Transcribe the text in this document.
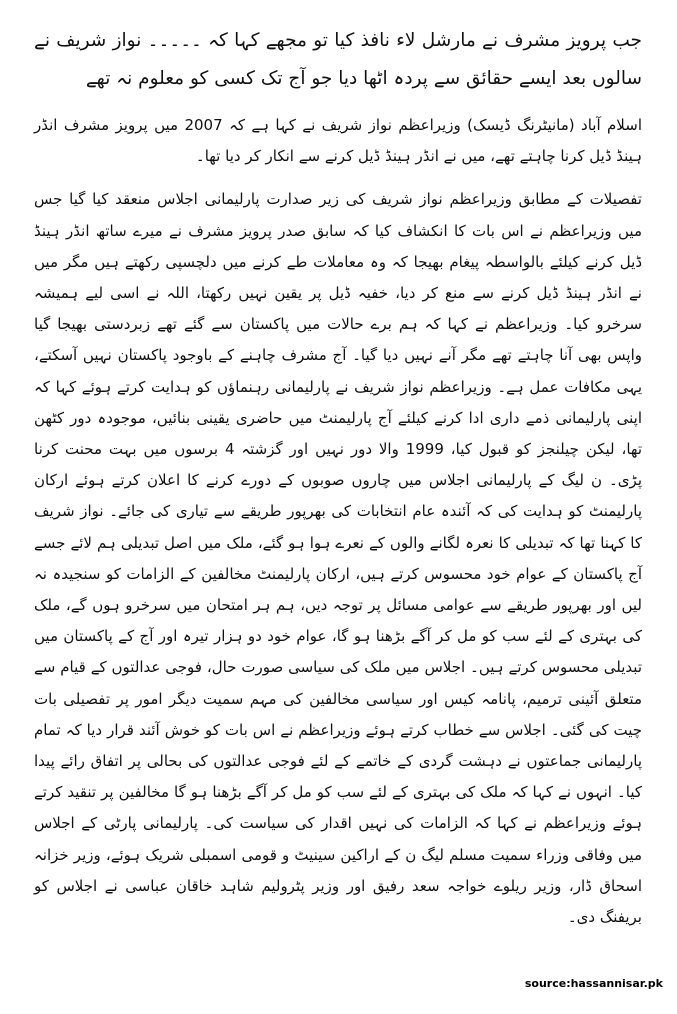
جب پرویز مشرف نے مارشل لاء نافذ کیا تو مجھے کہا کہ ۔۔۔۔۔ نواز شریف نے سالوں بعد ایسے حقائق سے پردہ اٹھا دیا جو آج تک کسی کو معلوم نہ تھے

اسلام آباد (مانیٹرنگ ڈیسک) وزیراعظم نواز شریف نے کہا ہے کہ 2007 میں پرویز مشرف انڈر ہینڈ ڈیل کرنا چاہتے تھے، میں نے انڈر ہینڈ ڈیل کرنے سے انکار کر دیا تھا۔

تفصیلات کے مطابق وزیراعظم نواز شریف کی زیر صدارت پارلیمانی اجلاس منعقد کیا گیا جس میں وزیراعظم نے اس بات کا انکشاف کیا کہ سابق صدر پرویز مشرف نے میرے ساتھ انڈر ہینڈ ڈیل کرنے کیلئے بالواسطہ پیغام بھیجا کہ وہ معاملات طے کرنے میں دلچسپی رکھتے ہیں مگر میں نے انڈر ہینڈ ڈیل کرنے سے منع کر دیا، خفیہ ڈیل پر یقین نہیں رکھتا، اللہ نے اسی لیے ہمیشہ سرخرو کیا۔ وزیراعظم نے کہا کہ ہم برے حالات میں پاکستان سے گئے تھے زبردستی بھیجا گیا واپس بھی آنا چاہتے تھے مگر آنے نہیں دیا گیا۔ آج مشرف چاہنے کے باوجود پاکستان نہیں آسکتے، یہی مکافات عمل ہے۔ وزیراعظم نواز شریف نے پارلیمانی رہنماؤں کو ہدایت کرتے ہوئے کہا کہ اپنی پارلیمانی ذمے داری ادا کرنے کیلئے آج پارلیمنٹ میں حاضری یقینی بنائیں، موجودہ دور کٹھن تھا، لیکن چیلنجز کو قبول کیا، 1999 والا دور نہیں اور گزشتہ 4 برسوں میں بہت محنت کرنا پڑی۔ ن لیگ کے پارلیمانی اجلاس میں چاروں صوبوں کے دورے کرنے کا اعلان کرتے ہوئے ارکان پارلیمنٹ کو ہدایت کی کہ آئندہ عام انتخابات کی بھرپور طریقے سے تیاری کی جائے۔ نواز شریف کا کہنا تھا کہ تبدیلی کا نعرہ لگانے والوں کے نعرے ہوا ہو گئے، ملک میں اصل تبدیلی ہم لائے جسے آج پاکستان کے عوام خود محسوس کرتے ہیں، ارکان پارلیمنٹ مخالفین کے الزامات کو سنجیدہ نہ لیں اور بھرپور طریقے سے عوامی مسائل پر توجہ دیں، ہم ہر امتحان میں سرخرو ہوں گے، ملک کی بہتری کے لئے سب کو مل کر آگے بڑھنا ہو گا، عوام خود دو ہزار تیرہ اور آج کے پاکستان میں تبدیلی محسوس کرتے ہیں۔ اجلاس میں ملک کی سیاسی صورت حال، فوجی عدالتوں کے قیام سے متعلق آئینی ترمیم، پانامہ کیس اور سیاسی مخالفین کی مہم سمیت دیگر امور پر تفصیلی بات چیت کی گئی۔ اجلاس سے خطاب کرتے ہوئے وزیراعظم نے اس بات کو خوش آئند قرار دیا کہ تمام پارلیمانی جماعتوں نے دہشت گردی کے خاتمے کے لئے فوجی عدالتوں کی بحالی پر اتفاق رائے پیدا کیا۔ انہوں نے کہا کہ ملک کی بہتری کے لئے سب کو مل کر آگے بڑھنا ہو گا مخالفین پر تنقید کرتے ہوئے وزیراعظم نے کہا کہ الزامات کی نہیں اقدار کی سیاست کی۔ پارلیمانی پارٹی کے اجلاس میں وفاقی وزراء سمیت مسلم لیگ ن کے اراکین سینیٹ و قومی اسمبلی شریک ہوئے، وزیر خزانہ اسحاق ڈار، وزیر ریلوے خواجہ سعد رفیق اور وزیر پٹرولیم شاہد خاقان عباسی نے اجلاس کو بریفنگ دی۔

source:hassannisar.pk
